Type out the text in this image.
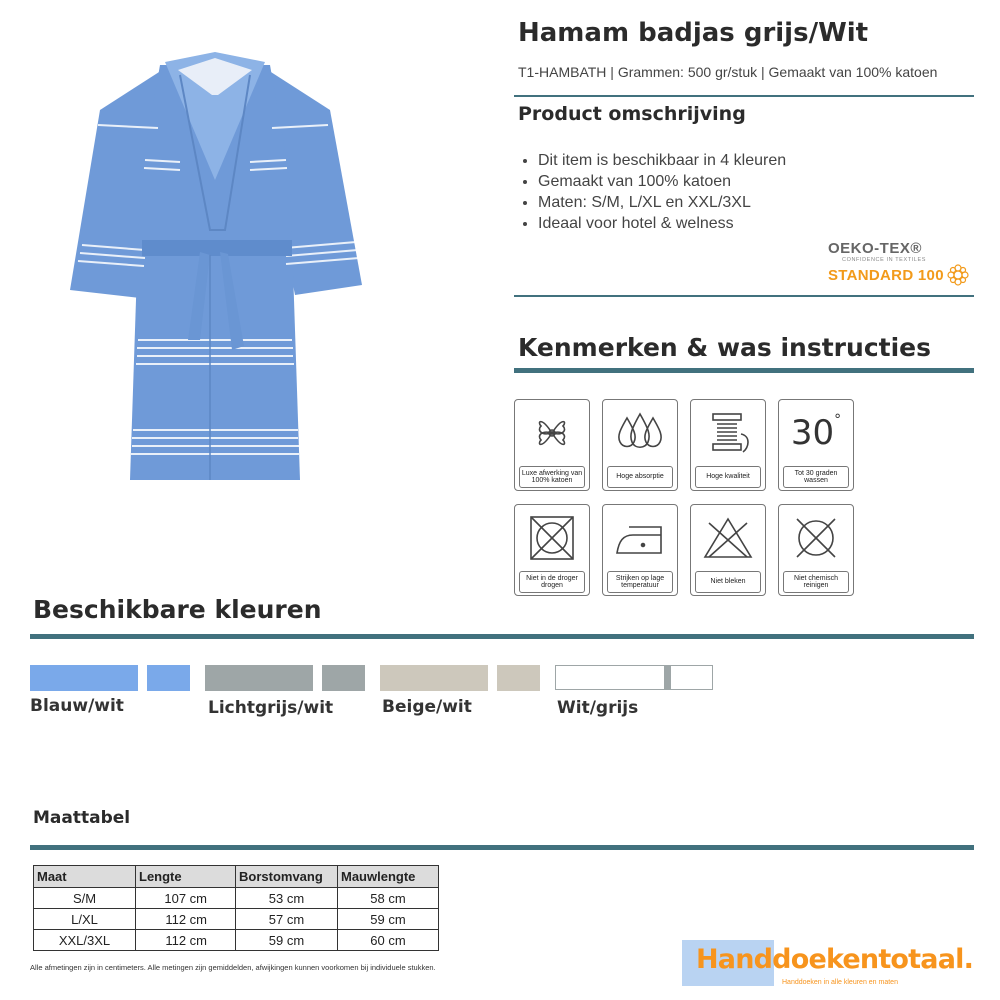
Hamam badjas grijs/Wit
T1-HAMBATH | Grammen: 500 gr/stuk | Gemaakt van 100% katoen
Product omschrijving
• Dit item is beschikbaar in 4 kleuren
• Gemaakt van 100% katoen
• Maten: S/M, L/XL en XXL/3XL
• Ideaal voor hotel & welness
OEKO-TEX®
CONFIDENCE IN TEXTILES
STANDARD 100
Kenmerken & was instructies
Luxe afwerking van 100% katoen
Hoge absorptie	Hoge kwaliteit
30 °
Tot 30 graden wassen
Niet in de droger drogen
Strijken op lage temperatuur
Niet bleken
Niet chemisch reinigen
Beschikbare kleuren
Blauw/wit	Lichtgrijs/wit	Beige/wit	Wit/grijs
Maattabel
Maat	Lengte	Borstomvang	Mauwlengte
S/M	107 cm	53 cm	58 cm
L/XL	112 cm	57 cm	59 cm
XXL/3XL	112 cm	59 cm	60 cm
Alle afmetingen zijn in centimeters. Alle metingen zijn gemiddelden, afwijkingen kunnen voorkomen bij individuele stukken.	Handdoekentotaal.
Handdoeken in alle kleuren en maten
